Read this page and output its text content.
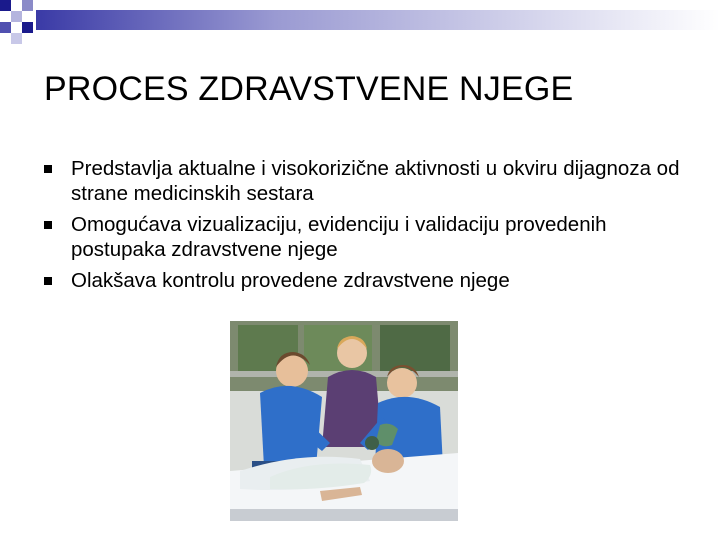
PROCES ZDRAVSTVENE NJEGE
Predstavlja aktualne i visokorizične aktivnosti u okviru dijagnoza od strane medicinskih sestara
Omogućava vizualizaciju, evidenciju i validaciju provedenih postupaka zdravstvene njege
Olakšava kontrolu provedene zdravstvene njege
